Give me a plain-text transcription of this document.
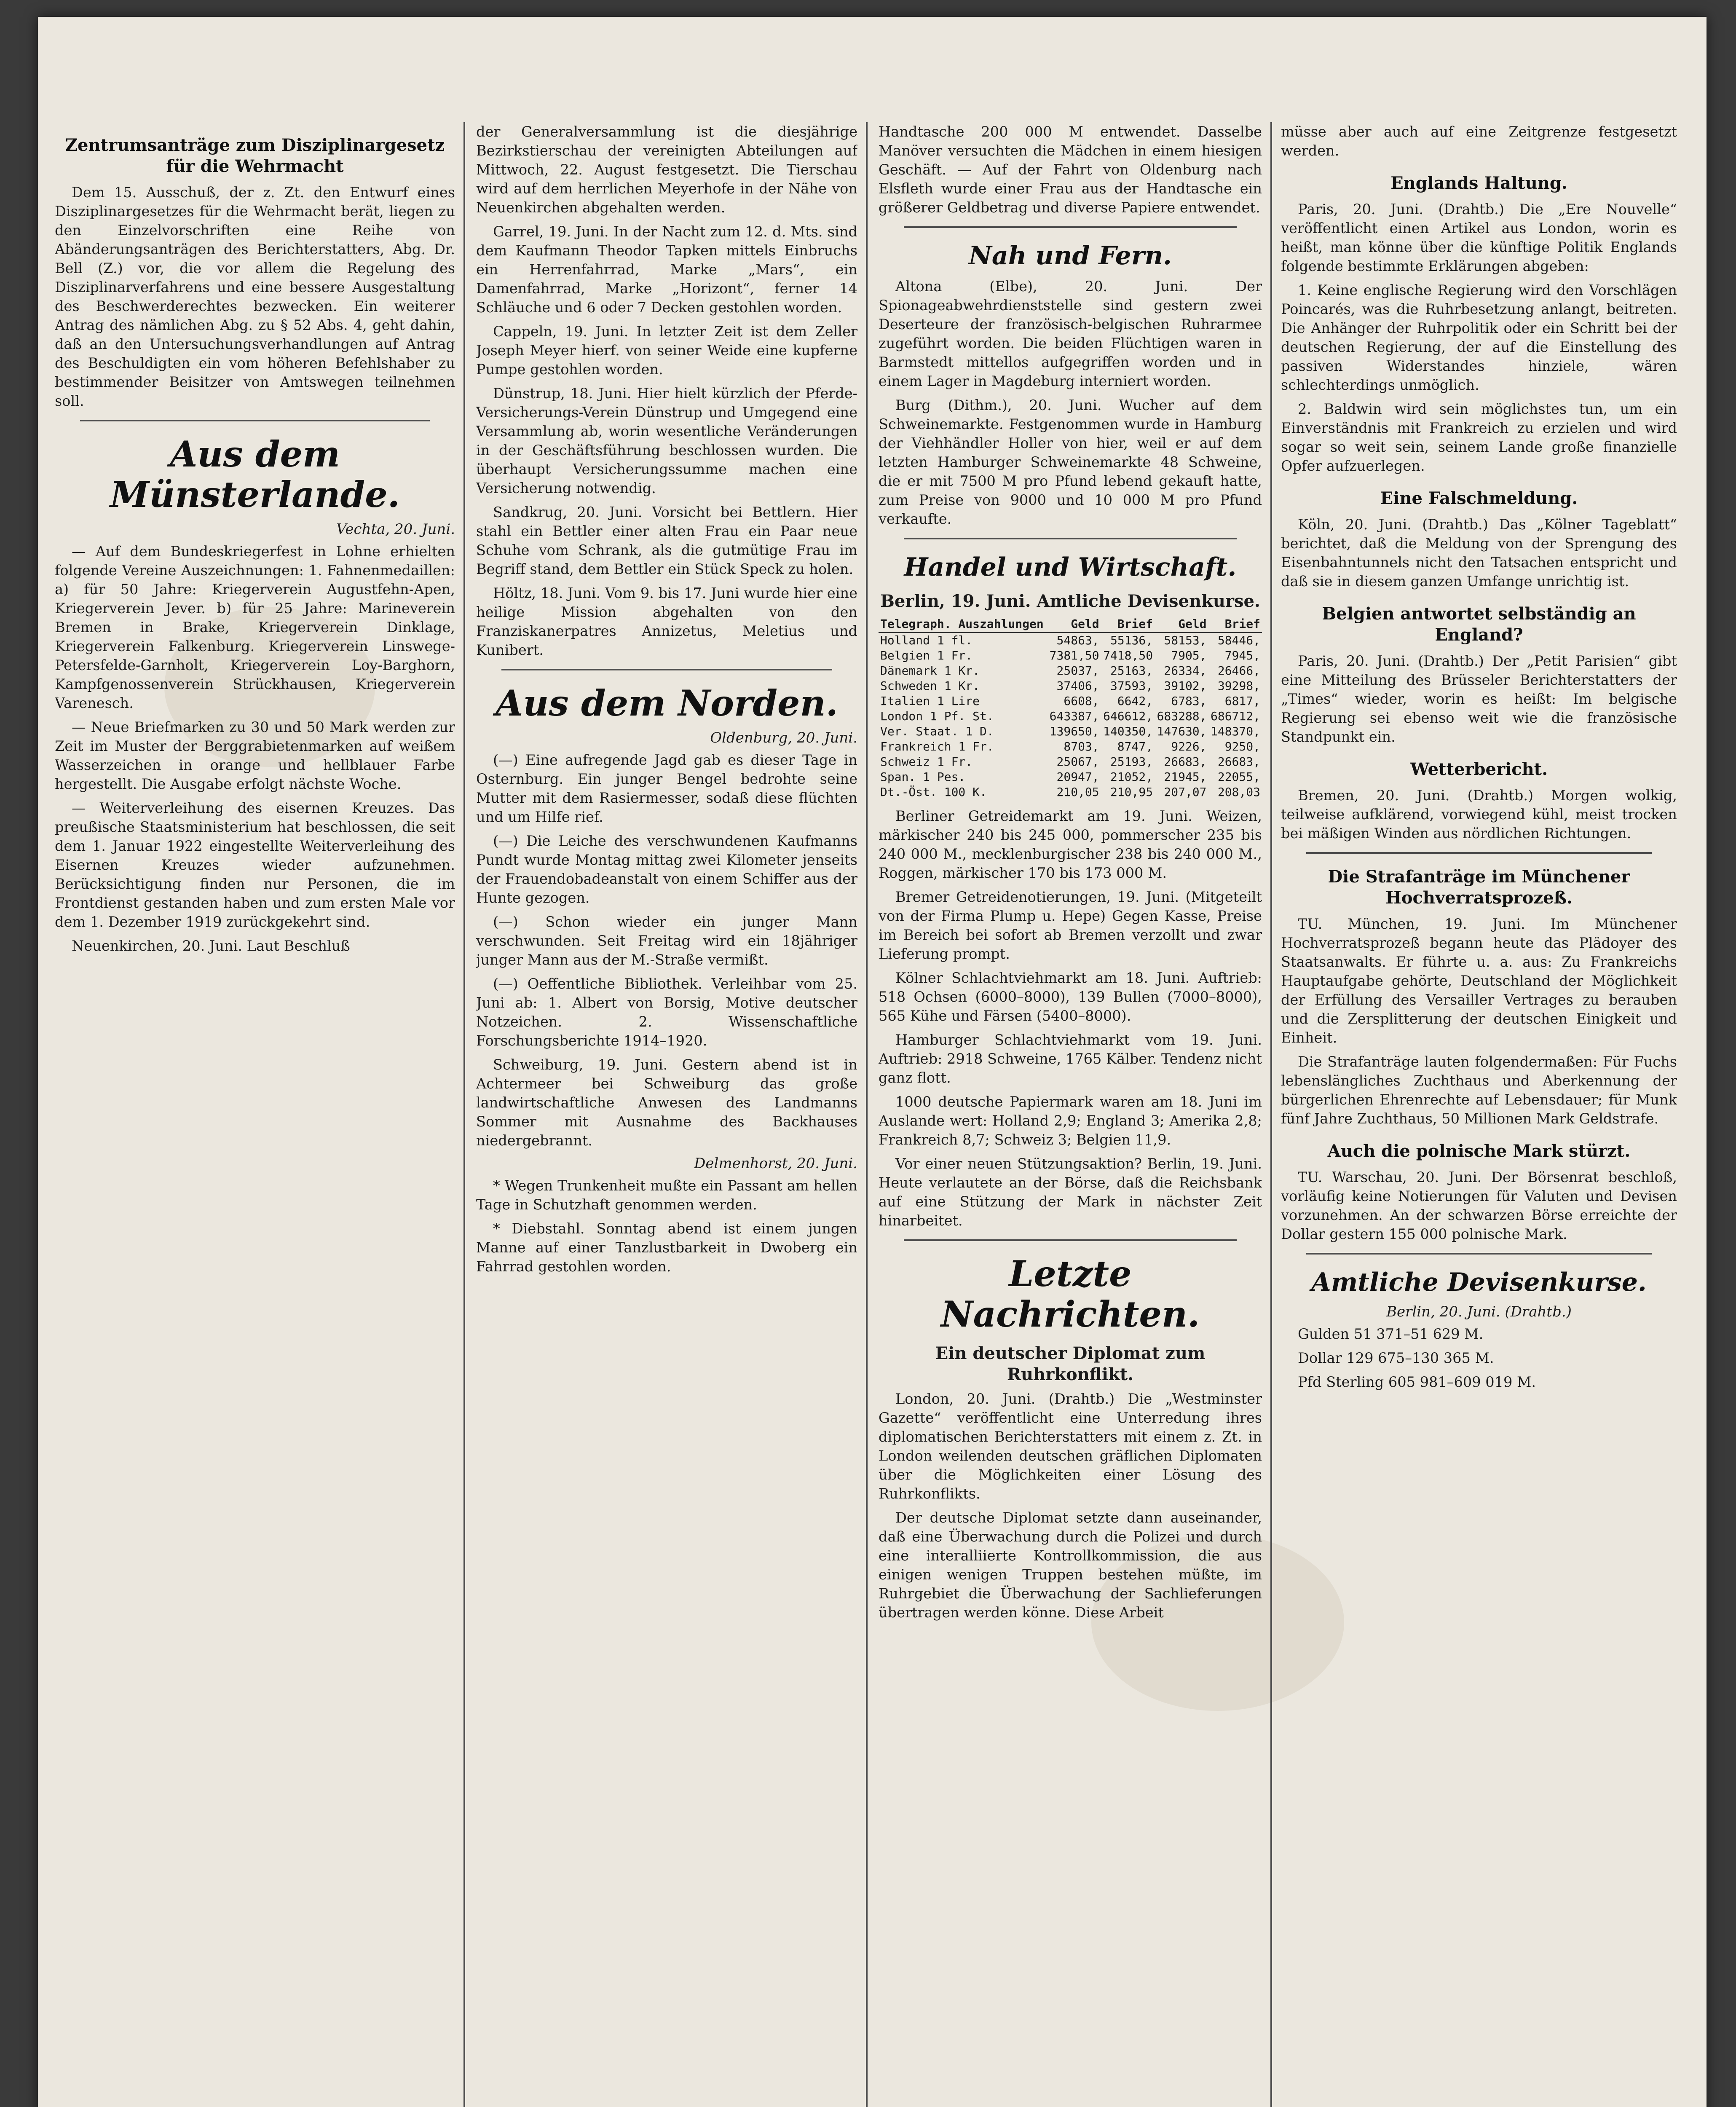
Zentrumsanträge zum Disziplinargesetz für die Wehrmacht

Dem 15. Ausschuß, der z. Zt. den Entwurf eines Disziplinargesetzes für die Wehrmacht berät, liegen zu den Einzelvorschriften eine Reihe von Abänderungsanträgen des Berichterstatters, Abg. Dr. Bell (Z.) vor, die vor allem die Regelung des Disziplinarverfahrens und eine bessere Ausgestaltung des Beschwerderechtes bezwecken. Ein weiterer Antrag des nämlichen Abg. zu § 52 Abs. 4, geht dahin, daß an den Untersuchungsverhandlungen auf Antrag des Beschuldigten ein vom höheren Befehlshaber zu bestimmender Beisitzer von Amtswegen teilnehmen soll.

Aus dem Münsterlande.
Vechta, 20. Juni.

— Auf dem Bundeskriegerfest in Lohne erhielten folgende Vereine Auszeichnungen: 1. Fahnenmedaillen: a) für 50 Jahre: Kriegerverein Augustfehn-Apen, Kriegerverein Jever. b) für 25 Jahre: Marineverein Bremen in Brake, Kriegerverein Dinklage, Kriegerverein Falkenburg. Kriegerverein Linswege-Petersfelde-Garnholt, Kriegerverein Loy-Barghorn, Kampfgenossenverein Strückhausen, Kriegerverein Varenesch.

— Neue Briefmarken zu 30 und 50 Mark werden zur Zeit im Muster der Berggrabietenmarken auf weißem Wasserzeichen in orange und hellblauer Farbe hergestellt. Die Ausgabe erfolgt nächste Woche.

— Weiterverleihung des eisernen Kreuzes. Das preußische Staatsministerium hat beschlossen, die seit dem 1. Januar 1922 eingestellte Weiterverleihung des Eisernen Kreuzes wieder aufzunehmen. Berücksichtigung finden nur Personen, die im Frontdienst gestanden haben und zum ersten Male vor dem 1. Dezember 1919 zurückgekehrt sind.

Neuenkirchen, 20. Juni. Laut Beschluß

der Generalversammlung ist die diesjährige Bezirkstierschau der vereinigten Abteilungen auf Mittwoch, 22. August festgesetzt. Die Tierschau wird auf dem herrlichen Meyerhofe in der Nähe von Neuenkirchen abgehalten werden.

Garrel, 19. Juni. In der Nacht zum 12. d. Mts. sind dem Kaufmann Theodor Tapken mittels Einbruchs ein Herrenfahrrad, Marke „Mars“, ein Damenfahrrad, Marke „Horizont“, ferner 14 Schläuche und 6 oder 7 Decken gestohlen worden.

Cappeln, 19. Juni. In letzter Zeit ist dem Zeller Joseph Meyer hierf. von seiner Weide eine kupferne Pumpe gestohlen worden.

Dünstrup, 18. Juni. Hier hielt kürzlich der Pferde-Versicherungs-Verein Dünstrup und Umgegend eine Versammlung ab, worin wesentliche Veränderungen in der Geschäftsführung beschlossen wurden. Die überhaupt Versicherungssumme machen eine Versicherung notwendig.

Sandkrug, 20. Juni. Vorsicht bei Bettlern. Hier stahl ein Bettler einer alten Frau ein Paar neue Schuhe vom Schrank, als die gutmütige Frau im Begriff stand, dem Bettler ein Stück Speck zu holen.

Höltz, 18. Juni. Vom 9. bis 17. Juni wurde hier eine heilige Mission abgehalten von den Franziskanerpatres Annizetus, Meletius und Kunibert.

Aus dem Norden.
Oldenburg, 20. Juni.

(—) Eine aufregende Jagd gab es dieser Tage in Osternburg. Ein junger Bengel bedrohte seine Mutter mit dem Rasiermesser, sodaß diese flüchten und um Hilfe rief.

(—) Die Leiche des verschwundenen Kaufmanns Pundt wurde Montag mittag zwei Kilometer jenseits der Frauendobadeanstalt von einem Schiffer aus der Hunte gezogen.

(—) Schon wieder ein junger Mann verschwunden. Seit Freitag wird ein 18jähriger junger Mann aus der M.-Straße vermißt.

(—) Oeffentliche Bibliothek. Verleihbar vom 25. Juni ab: 1. Albert von Borsig, Motive deutscher Notzeichen. 2. Wissenschaftliche Forschungsberichte 1914–1920.

Schweiburg, 19. Juni. Gestern abend ist in Achtermeer bei Schweiburg das große landwirtschaftliche Anwesen des Landmanns Sommer mit Ausnahme des Backhauses niedergebrannt.

Delmenhorst, 20. Juni.

* Wegen Trunkenheit mußte ein Passant am hellen Tage in Schutzhaft genommen werden.

* Diebstahl. Sonntag abend ist einem jungen Manne auf einer Tanzlustbarkeit in Dwoberg ein Fahrrad gestohlen worden.

Handtasche 200 000 M entwendet. Dasselbe Manöver versuchten die Mädchen in einem hiesigen Geschäft. — Auf der Fahrt von Oldenburg nach Elsfleth wurde einer Frau aus der Handtasche ein größerer Geldbetrag und diverse Papiere entwendet.

Nah und Fern.

Altona (Elbe), 20. Juni. Der Spionageabwehrdienststelle sind gestern zwei Deserteure der französisch-belgischen Ruhrarmee zugeführt worden. Die beiden Flüchtigen waren in Barmstedt mittellos aufgegriffen worden und in einem Lager in Magdeburg interniert worden.

Burg (Dithm.), 20. Juni. Wucher auf dem Schweinemarkte. Festgenommen wurde in Hamburg der Viehhändler Holler von hier, weil er auf dem letzten Hamburger Schweinemarkte 48 Schweine, die er mit 7500 M pro Pfund lebend gekauft hatte, zum Preise von 9000 und 10 000 M pro Pfund verkaufte.

Handel und Wirtschaft.
Berlin, 19. Juni. Amtliche Devisenkurse.
Telegraph. Auszahlungen	Geld	Brief	Geld	Brief
Holland 1 fl.	54863,	55136,	58153,	58446,
Belgien 1 Fr.	7381,50	7418,50	7905,	7945,
Dänemark 1 Kr.	25037,	25163,	26334,	26466,
Schweden 1 Kr.	37406,	37593,	39102,	39298,
Italien 1 Lire	6608,	6642,	6783,	6817,
London 1 Pf. St.	643387,	646612,	683288,	686712,
Ver. Staat. 1 D.	139650,	140350,	147630,	148370,
Frankreich 1 Fr.	8703,	8747,	9226,	9250,
Schweiz 1 Fr.	25067,	25193,	26683,	26683,
Span. 1 Pes.	20947,	21052,	21945,	22055,
Dt.-Öst. 100 K.	210,05	210,95	207,07	208,03

Berliner Getreidemarkt am 19. Juni. Weizen, märkischer 240 bis 245 000, pommerscher 235 bis 240 000 M., mecklenburgischer 238 bis 240 000 M., Roggen, märkischer 170 bis 173 000 M.

Bremer Getreidenotierungen, 19. Juni. (Mitgeteilt von der Firma Plump u. Hepe) Gegen Kasse, Preise im Bereich bei sofort ab Bremen verzollt und zwar Lieferung prompt.

Kölner Schlachtviehmarkt am 18. Juni. Auftrieb: 518 Ochsen (6000–8000), 139 Bullen (7000–8000), 565 Kühe und Färsen (5400–8000).

Hamburger Schlachtviehmarkt vom 19. Juni. Auftrieb: 2918 Schweine, 1765 Kälber. Tendenz nicht ganz flott.

1000 deutsche Papiermark waren am 18. Juni im Auslande wert: Holland 2,9; England 3; Amerika 2,8; Frankreich 8,7; Schweiz 3; Belgien 11,9.

Vor einer neuen Stützungsaktion? Berlin, 19. Juni. Heute verlautete an der Börse, daß die Reichsbank auf eine Stützung der Mark in nächster Zeit hinarbeitet.

Letzte Nachrichten.
Ein deutscher Diplomat zum Ruhrkonflikt.

London, 20. Juni. (Drahtb.) Die „Westminster Gazette“ veröffentlicht eine Unterredung ihres diplomatischen Berichterstatters mit einem z. Zt. in London weilenden deutschen gräflichen Diplomaten über die Möglichkeiten einer Lösung des Ruhrkonflikts.

Der deutsche Diplomat setzte dann auseinander, daß eine Überwachung durch die Polizei und durch eine interalliierte Kontrollkommission, die aus einigen wenigen Truppen bestehen müßte, im Ruhrgebiet die Überwachung der Sachlieferungen übertragen werden könne. Diese Arbeit

müsse aber auch auf eine Zeitgrenze festgesetzt werden.

Englands Haltung.

Paris, 20. Juni. (Drahtb.) Die „Ere Nouvelle“ veröffentlicht einen Artikel aus London, worin es heißt, man könne über die künftige Politik Englands folgende bestimmte Erklärungen abgeben:

1. Keine englische Regierung wird den Vorschlägen Poincarés, was die Ruhrbesetzung anlangt, beitreten. Die Anhänger der Ruhrpolitik oder ein Schritt bei der deutschen Regierung, der auf die Einstellung des passiven Widerstandes hinziele, wären schlechterdings unmöglich.

2. Baldwin wird sein möglichstes tun, um ein Einverständnis mit Frankreich zu erzielen und wird sogar so weit sein, seinem Lande große finanzielle Opfer aufzuerlegen.

Eine Falschmeldung.

Köln, 20. Juni. (Drahtb.) Das „Kölner Tageblatt“ berichtet, daß die Meldung von der Sprengung des Eisenbahntunnels nicht den Tatsachen entspricht und daß sie in diesem ganzen Umfange unrichtig ist.

Belgien antwortet selbständig an England?

Paris, 20. Juni. (Drahtb.) Der „Petit Parisien“ gibt eine Mitteilung des Brüsseler Berichterstatters der „Times“ wieder, worin es heißt: Im belgische Regierung sei ebenso weit wie die französische Standpunkt ein.

Wetterbericht.

Bremen, 20. Juni. (Drahtb.) Morgen wolkig, teilweise aufklärend, vorwiegend kühl, meist trocken bei mäßigen Winden aus nördlichen Richtungen.

Die Strafanträge im Münchener Hochverratsprozeß.

TU. München, 19. Juni. Im Münchener Hochverratsprozeß begann heute das Plädoyer des Staatsanwalts. Er führte u. a. aus: Zu Frankreichs Hauptaufgabe gehörte, Deutschland der Möglichkeit der Erfüllung des Versailler Vertrages zu berauben und die Zersplitterung der deutschen Einigkeit und Einheit.

Die Strafanträge lauten folgendermaßen: Für Fuchs lebenslängliches Zuchthaus und Aberkennung der bürgerlichen Ehrenrechte auf Lebensdauer; für Munk fünf Jahre Zuchthaus, 50 Millionen Mark Geldstrafe.

Auch die polnische Mark stürzt.

TU. Warschau, 20. Juni. Der Börsenrat beschloß, vorläufig keine Notierungen für Valuten und Devisen vorzunehmen. An der schwarzen Börse erreichte der Dollar gestern 155 000 polnische Mark.

Amtliche Devisenkurse.
Berlin, 20. Juni. (Drahtb.)

Gulden 51 371–51 629 M.

Dollar 129 675–130 365 M.

Pfd Sterling 605 981–609 019 M.
